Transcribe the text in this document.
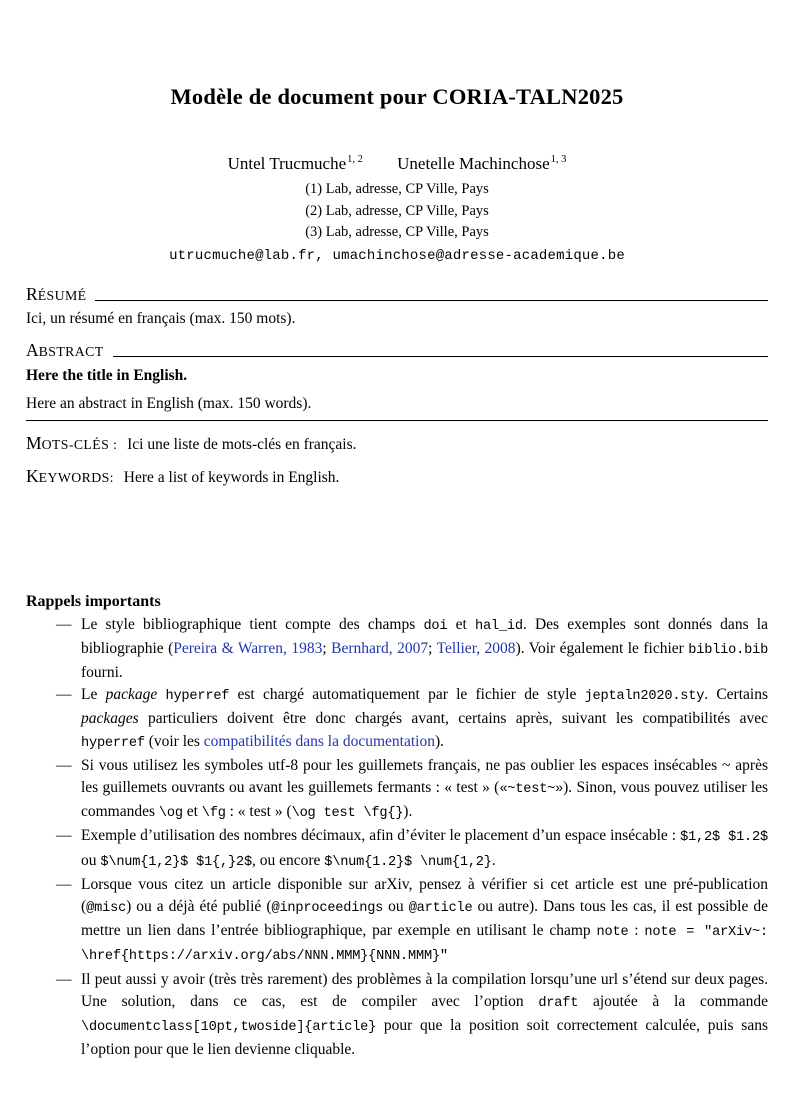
Modèle de document pour CORIA-TALN2025
Untel Trucmuche$^{1, 2}$ Unetelle Machinchose$^{1, 3}$
(1) Lab, adresse, CP Ville, Pays
(2) Lab, adresse, CP Ville, Pays
(3) Lab, adresse, CP Ville, Pays
utrucmuche@lab.fr, umachinchose@adresse-academique.be
RÉSUMÉ

Ici, un résumé en français (max. 150 mots).

ABSTRACT

Here the title in English.

Here an abstract in English (max. 150 words).

MOTS-CLÉS : Ici une liste de mots-clés en français.

KEYWORDS: Here a list of keywords in English.

Rappels importants
— Le style bibliographique tient compte des champs doi et hal_id. Des exemples sont donnés dans la bibliographie (Pereira & Warren, 1983; Bernhard, 2007; Tellier, 2008). Voir également le fichier biblio.bib fourni.
— Le package hyperref est chargé automatiquement par le fichier de style jeptaln2020.sty. Certains packages particuliers doivent être donc chargés avant, certains après, suivant les compatibilités avec hyperref (voir les compatibilités dans la documentation).
— Si vous utilisez les symboles utf-8 pour les guillemets français, ne pas oublier les espaces insécables ~ après les guillemets ouvrants ou avant les guillemets fermants : « test » («~test~»). Sinon, vous pouvez utiliser les commandes \og et \fg : « test » (\og test \fg{}).
— Exemple d’utilisation des nombres décimaux, afin d’éviter le placement d’un espace insécable : $1,2$ $1.2$ ou $\num{1,2}$ $1{,}2$, ou encore $\num{1.2}$ \num{1,2}.
— Lorsque vous citez un article disponible sur arXiv, pensez à vérifier si cet article est une pré-publication (@misc) ou a déjà été publié (@inproceedings ou @article ou autre). Dans tous les cas, il est possible de mettre un lien dans l’entrée bibliographique, par exemple en utilisant le champ note : note = "arXiv~: \href{https://arxiv.org/abs/NNN.MMM}{NNN.MMM}"
— Il peut aussi y avoir (très très rarement) des problèmes à la compilation lorsqu’une url s’étend sur deux pages. Une solution, dans ce cas, est de compiler avec l’option draft ajoutée à la commande \documentclass[10pt,twoside]{article} pour que la position soit correctement calculée, puis sans l’option pour que le lien devienne cliquable.
